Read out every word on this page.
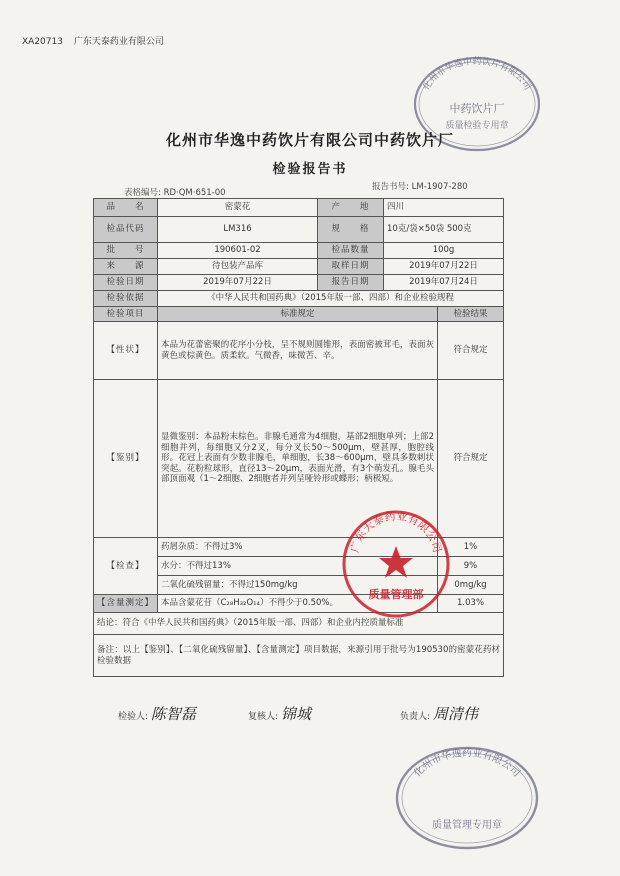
XA20713 广东天泰药业有限公司
化州市华逸中药饮片有限公司
中药饮片厂
质量检验专用章
化州市华逸中药饮片有限公司中药饮片厂
检验报告书
表格编号: RD·QM·651-00
报告书号: LM-1907-280
品　　名	密蒙花	产　　地	四川	
检品代码	LM316	规　　格	10克/袋×50袋 500克	
批　　号	190601-02	检品数量	100g	
来　　源	待包装产品库	取样日期	2019年07月22日	
检验日期	2019年07月22日	报告日期	2019年07月24日	
检验依据	《中华人民共和国药典》（2015年版一部、四部）和企业检验规程			
检验项目	标准规定			检验结果
【性状】	本品为花蕾密聚的花序小分枝，呈不规则圆锥形，表面密被茸毛，表面灰黄色或棕黄色。质柔软。气微香，味微苦、辛。			符合规定
【鉴别】	显微鉴别：本品粉末棕色。非腺毛通常为4细胞，基部2细胞单列；上部2细胞并列，每细胞又分2叉，每分叉长50～500μm，壁甚厚，胞腔线形。花冠上表面有少数非腺毛，单细胞，长38～600μm，壁具多数刺状突起。花粉粒球形，直径13～20μm，表面光滑，有3个萌发孔。腺毛头部顶面观（1～2细胞、2细胞者并列呈哑铃形或蝶形；柄极短。			符合规定
【检查】	药屑杂质：不得过3%			1%
	水分：不得过13%			9%
	二氧化硫残留量：不得过150mg/kg			0mg/kg
【含量测定】	本品含蒙花苷（C₂₈H₃₂O₁₄）不得少于0.50%。			1.03%
结论：符合《中华人民共和国药典》（2015年版一部、四部）和企业内控质量标准				
备注：以上【鉴别】、【二氧化硫残留量】、【含量测定】项目数据，来源引用于批号为190530的密蒙花药材检验数据				
广东天泰药业有限公司
质量管理部
检验人: 陈智磊	复核人: 锦城	负责人: 周清伟
化州市华逸药业有限公司
质量管理专用章
